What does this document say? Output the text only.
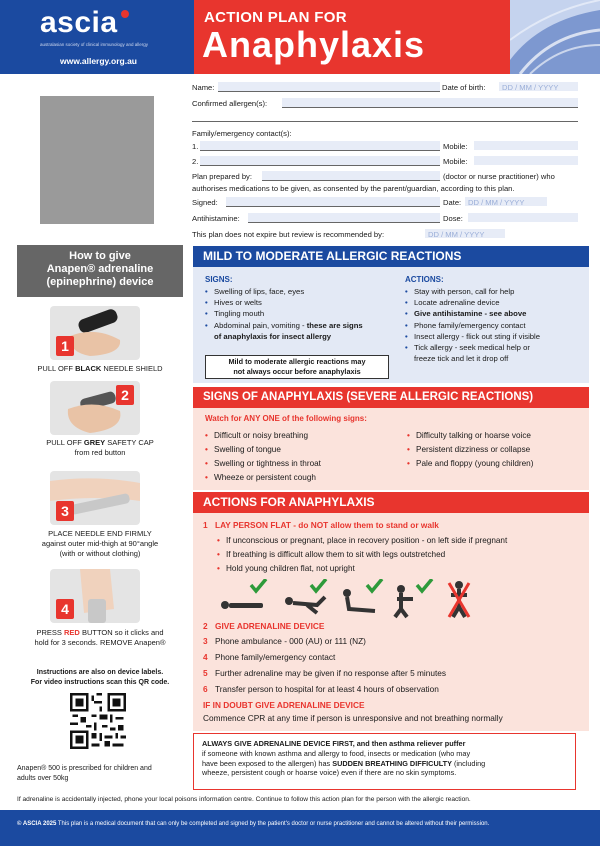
ascia
australasian society of clinical immunology and allergy
www.allergy.org.au
ACTION PLAN FOR
Anaphylaxis
Name:	Date of birth: DD / MM / YYYY
Confirmed allergen(s):
Family/emergency contact(s):
1.	Mobile:
2.	Mobile:
Plan prepared by:	(doctor or nurse practitioner) who
authorises medications to be given, as consented by the parent/guardian, according to this plan.
Signed:	Date: DD / MM / YYYY
Antihistamine:	Dose:
This plan does not expire but review is recommended by:	DD / MM / YYYY
How to give
Anapen® adrenaline
(epinephrine) device
1
PULL OFF BLACK NEEDLE SHIELD
2
PULL OFF GREY SAFETY CAP
from red button
3
PLACE NEEDLE END FIRMLY
against outer mid-thigh at 90°angle
(with or without clothing)
4
PRESS RED BUTTON so it clicks and
hold for 3 seconds. REMOVE Anapen®
Instructions are also on device labels.
For video instructions scan this QR code.
Anapen® 500 is prescribed for children and
adults over 50kg
MILD TO MODERATE ALLERGIC REACTIONS
SIGNS:
• Swelling of lips, face, eyes
• Hives or welts
• Tingling mouth
• Abdominal pain, vomiting - these are signs
of anaphylaxis for insect allergy
Mild to moderate allergic reactions may
not always occur before anaphylaxis
ACTIONS:
• Stay with person, call for help
• Locate adrenaline device
• Give antihistamine - see above
• Phone family/emergency contact
• Insect allergy - flick out sting if visible
• Tick allergy - seek medical help or
freeze tick and let it drop off
SIGNS OF ANAPHYLAXIS (SEVERE ALLERGIC REACTIONS)
Watch for ANY ONE of the following signs:
• Difficult or noisy breathing
• Swelling of tongue
• Swelling or tightness in throat
• Wheeze or persistent cough
• Difficulty talking or hoarse voice
• Persistent dizziness or collapse
• Pale and floppy (young children)
ACTIONS FOR ANAPHYLAXIS
1 LAY PERSON FLAT - do NOT allow them to stand or walk
• If unconscious or pregnant, place in recovery position - on left side if pregnant
• If breathing is difficult allow them to sit with legs outstretched
• Hold young children flat, not upright
2 GIVE ADRENALINE DEVICE
3 Phone ambulance - 000 (AU) or 111 (NZ)
4 Phone family/emergency contact
5 Further adrenaline may be given if no response after 5 minutes
6 Transfer person to hospital for at least 4 hours of observation
IF IN DOUBT GIVE ADRENALINE DEVICE
Commence CPR at any time if person is unresponsive and not breathing normally
ALWAYS GIVE ADRENALINE DEVICE FIRST, and then asthma reliever puffer
if someone with known asthma and allergy to food, insects or medication (who may
have been exposed to the allergen) has SUDDEN BREATHING DIFFICULTY (including
wheeze, persistent cough or hoarse voice) even if there are no skin symptoms.
If adrenaline is accidentally injected, phone your local poisons information centre. Continue to follow this action plan for the person with the allergic reaction.
© ASCIA 2025 This plan is a medical document that can only be completed and signed by the patient's doctor or nurse practitioner and cannot be altered without their permission.
